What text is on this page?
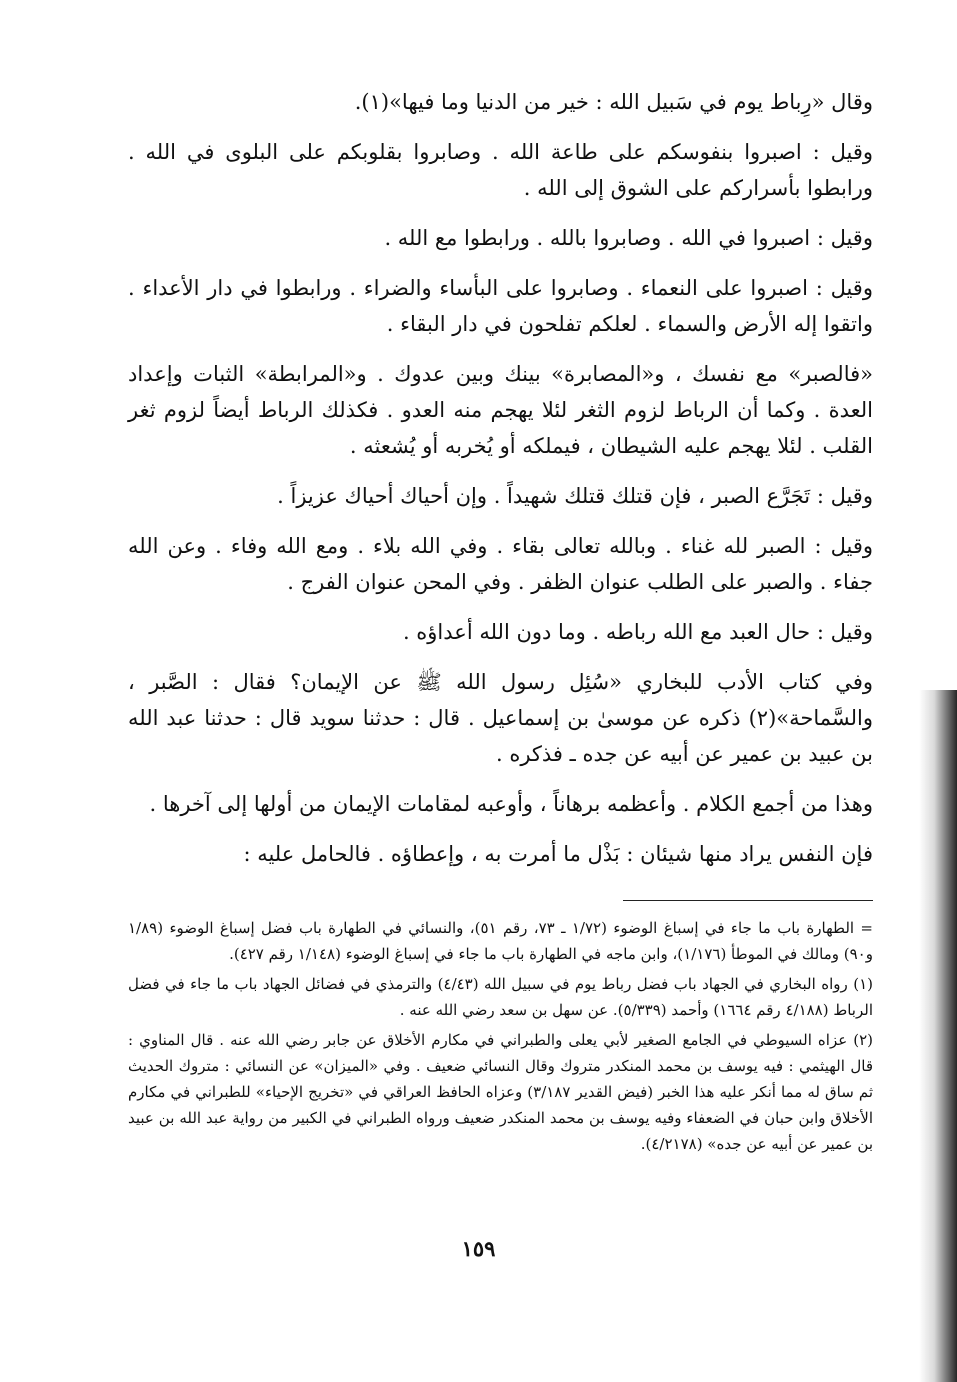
وقال «رِباط يوم في سَبيل الله : خير من الدنيا وما فيها»(١).

وقيل : اصبروا بنفوسكم على طاعة الله . وصابروا بقلوبكم على البلوى في الله . ورابطوا بأسراركم على الشوق إلى الله .

وقيل : اصبروا في الله . وصابروا بالله . ورابطوا مع الله .

وقيل : اصبروا على النعماء . وصابروا على البأساء والضراء . ورابطوا في دار الأعداء . واتقوا إله الأرض والسماء . لعلكم تفلحون في دار البقاء .

«فالصبر» مع نفسك ، و«المصابرة» بينك وبين عدوك . و«المرابطة» الثبات وإعداد العدة . وكما أن الرباط لزوم الثغر لئلا يهجم منه العدو . فكذلك الرباط أيضاً لزوم ثغر القلب . لئلا يهجم عليه الشيطان ، فيملكه أو يُخربه أو يُشعثه .

وقيل : تَجَرَّع الصبر ، فإن قتلك قتلك شهيداً . وإن أحياك أحياك عزيزاً .

وقيل : الصبر لله غناء . وبالله تعالى بقاء . وفي الله بلاء . ومع الله وفاء . وعن الله جفاء . والصبر على الطلب عنوان الظفر . وفي المحن عنوان الفرج .

وقيل : حال العبد مع الله رباطه . وما دون الله أعداؤه .

وفي كتاب الأدب للبخاري «سُئِل رسول الله ﷺ عن الإيمان؟ فقال : الصَّبر ، والسَّماحة»(٢) ذكره عن موسىٰ بن إسماعيل . قال : حدثنا سويد قال : حدثنا عبد الله بن عبيد بن عمير عن أبيه عن جده ـ فذكره .

وهذا من أجمع الكلام . وأعظمه برهاناً ، وأوعبه لمقامات الإيمان من أولها إلى آخرها .

فإن النفس يراد منها شيئان : بَذْل ما أمرت به ، وإعطاؤه . فالحامل عليه :

= الطهارة باب ما جاء في إسباغ الوضوء (١/٧٢ ـ ٧٣، رقم ٥١)، والنسائي في الطهارة باب فضل إسباغ الوضوء (١/٨٩ و٩٠) ومالك في الموطأ (١/١٧٦)، وابن ماجه في الطهارة باب ما جاء في إسباغ الوضوء (١/١٤٨ رقم ٤٢٧).

(١) رواه البخاري في الجهاد باب فضل رباط يوم في سبيل الله (٤/٤٣) والترمذي في فضائل الجهاد باب ما جاء في فضل الرباط (٤/١٨٨ رقم ١٦٦٤) وأحمد (٥/٣٣٩). عن سهل بن سعد رضي الله عنه .

(٢) عزاه السيوطي في الجامع الصغير لأبي يعلى والطبراني في مكارم الأخلاق عن جابر رضي الله عنه . قال المناوي : قال الهيثمي : فيه يوسف بن محمد المنكدر متروك وقال النسائي ضعيف . وفي «الميزان» عن النسائي : متروك الحديث ثم ساق له مما أنكر عليه هذا الخبر (فيض القدير ٣/١٨٧) وعزاه الحافظ العراقي في «تخريج الإحياء» للطبراني في مكارم الأخلاق وابن حبان في الضعفاء وفيه يوسف بن محمد المنكدر ضعيف ورواه الطبراني في الكبير من رواية عبد الله بن عبيد بن عمير عن أبيه عن جده» (٤/٢١٧٨).

١٥٩
